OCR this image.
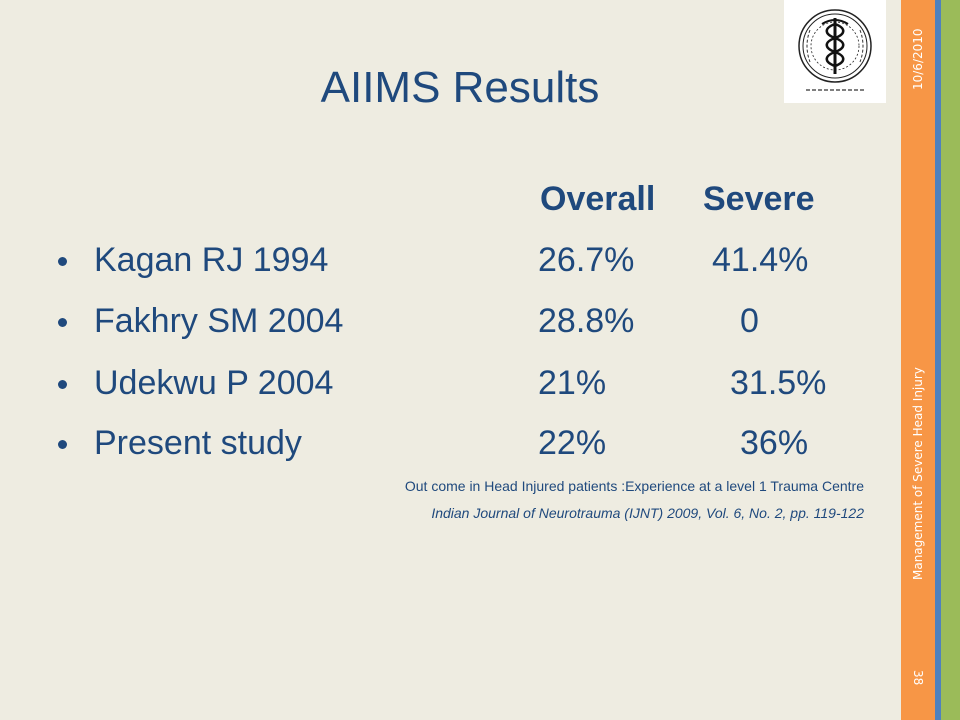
10/6/2010
Management of Severe Head Injury
38
AIIMS Results
Overall Severe
Kagan RJ 1994	26.7% 41.4%
Fakhry SM 2004	28.8%	0
Udekwu P 2004	21%	31.5%
Present study	22%	36%
Out come in Head Injured patients :Experience at a level 1 Trauma Centre
Indian Journal of Neurotrauma (IJNT) 2009, Vol. 6, No. 2, pp. 119-122
